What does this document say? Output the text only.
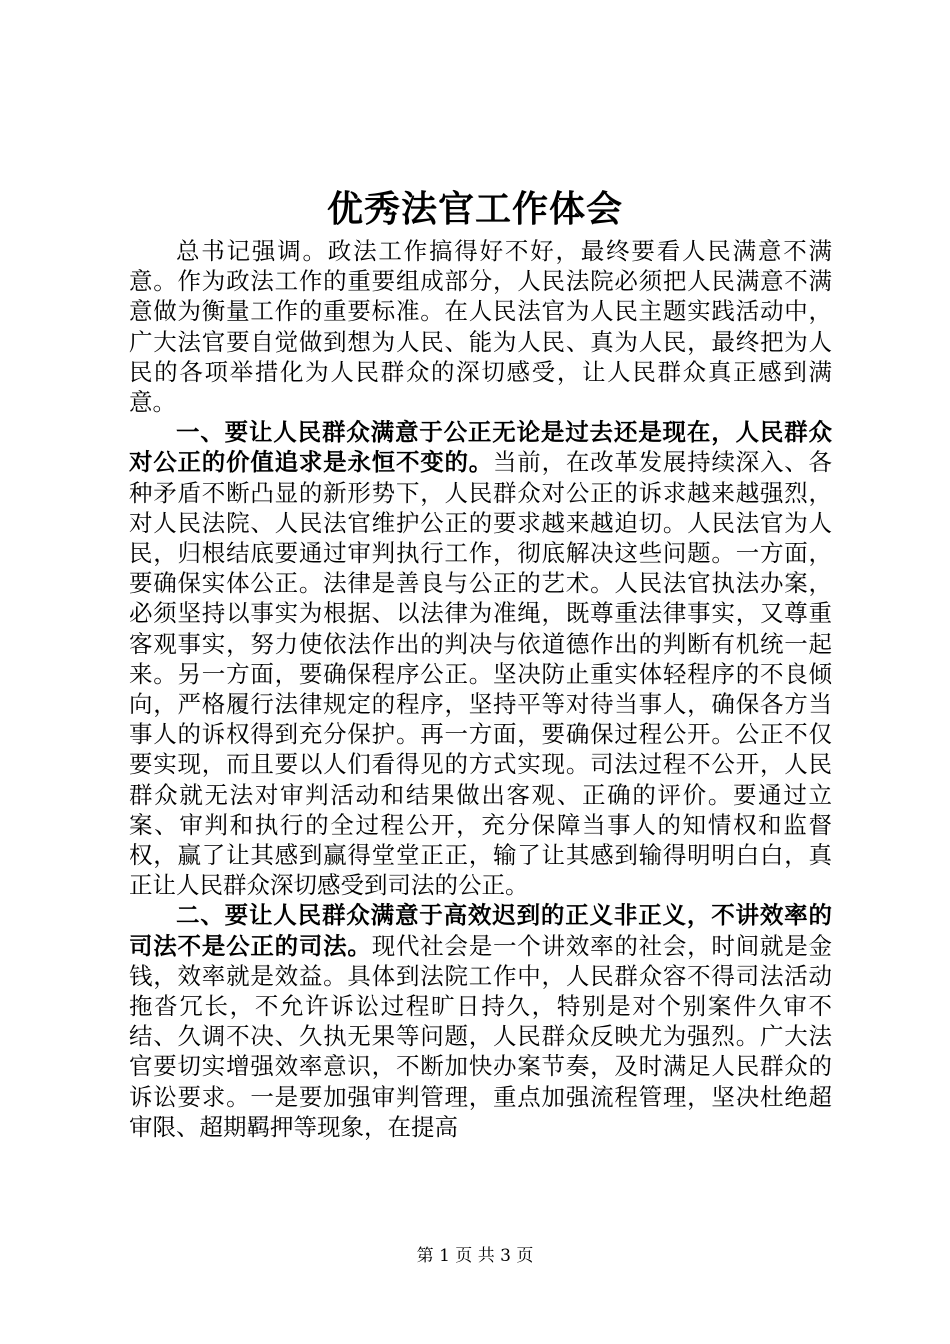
优秀法官工作体会

总书记强调。政法工作搞得好不好，最终要看人民满意不满意。作为政法工作的重要组成部分，人民法院必须把人民满意不满意做为衡量工作的重要标准。在人民法官为人民主题实践活动中，广大法官要自觉做到想为人民、能为人民、真为人民，最终把为人民的各项举措化为人民群众的深切感受，让人民群众真正感到满意。

一、要让人民群众满意于公正无论是过去还是现在，人民群众对公正的价值追求是永恒不变的。当前，在改革发展持续深入、各种矛盾不断凸显的新形势下，人民群众对公正的诉求越来越强烈，对人民法院、人民法官维护公正的要求越来越迫切。人民法官为人民，归根结底要通过审判执行工作，彻底解决这些问题。一方面，要确保实体公正。法律是善良与公正的艺术。人民法官执法办案，必须坚持以事实为根据、以法律为准绳，既尊重法律事实，又尊重客观事实，努力使依法作出的判决与依道德作出的判断有机统一起来。另一方面，要确保程序公正。坚决防止重实体轻程序的不良倾向，严格履行法律规定的程序，坚持平等对待当事人，确保各方当事人的诉权得到充分保护。再一方面，要确保过程公开。公正不仅要实现，而且要以人们看得见的方式实现。司法过程不公开，人民群众就无法对审判活动和结果做出客观、正确的评价。要通过立案、审判和执行的全过程公开，充分保障当事人的知情权和监督权，赢了让其感到赢得堂堂正正，输了让其感到输得明明白白，真正让人民群众深切感受到司法的公正。

二、要让人民群众满意于高效迟到的正义非正义，不讲效率的司法不是公正的司法。现代社会是一个讲效率的社会，时间就是金钱，效率就是效益。具体到法院工作中，人民群众容不得司法活动拖沓冗长，不允许诉讼过程旷日持久，特别是对个别案件久审不结、久调不决、久执无果等问题，人民群众反映尤为强烈。广大法官要切实增强效率意识，不断加快办案节奏，及时满足人民群众的诉讼要求。一是要加强审判管理，重点加强流程管理，坚决杜绝超审限、超期羁押等现象，在提高

第 1 页 共 3 页
